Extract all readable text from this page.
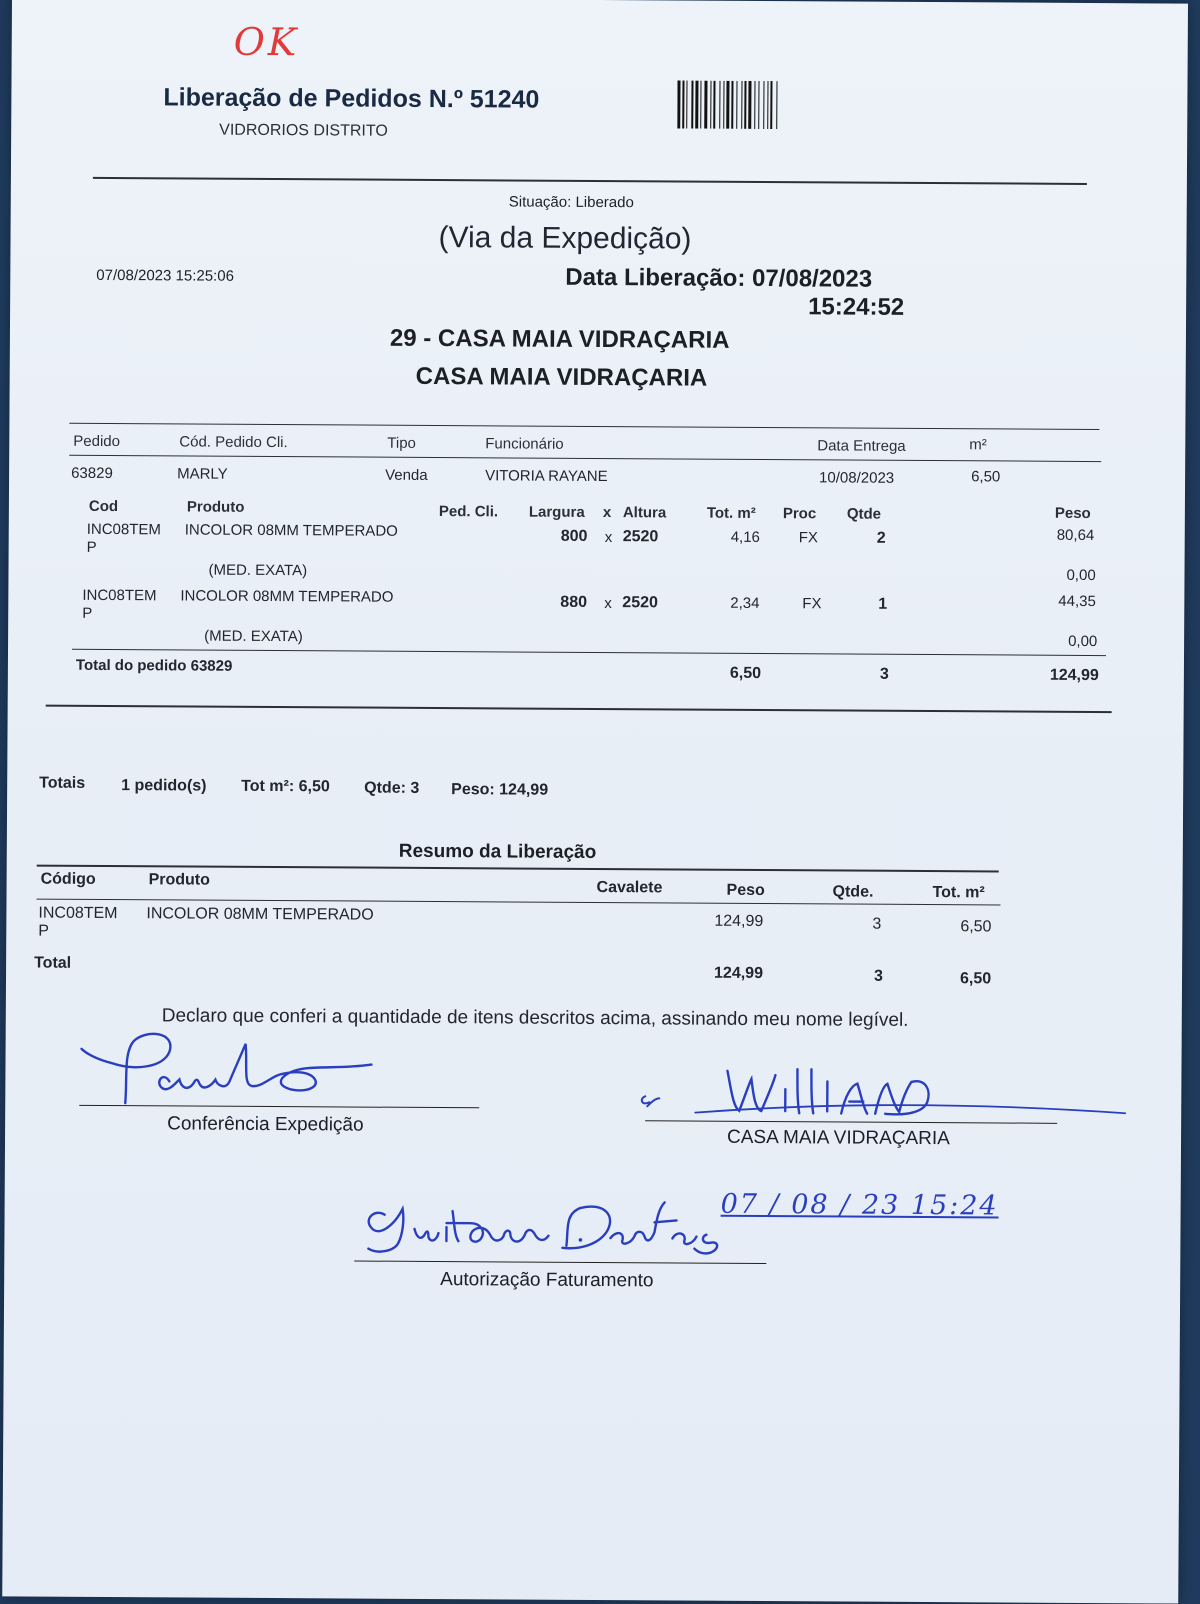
OK
Liberação de Pedidos N.º 51240
VIDRORIOS DISTRITO
Situação: Liberado
(Via da Expedição)
07/08/2023 15:25:06	Data Liberação: 07/08/2023
15:24:52
29 - CASA MAIA VIDRAÇARIA
CASA MAIA VIDRAÇARIA
Pedido	Cód. Pedido Cli.	Tipo	Funcionário	Data Entrega	m²
63829	MARLY	Venda	VITORIA RAYANE	10/08/2023	6,50
Cod	Produto	Ped. Cli. Largura x Altura	Tot. m² Proc Qtde	Peso
INC08TEM
P
INCOLOR 08MM TEMPERADO	800 x 2520	4,16	FX	2	80,64
(MED. EXATA)	0,00
INC08TEM
P
INCOLOR 08MM TEMPERADO	880 x 2520	2,34	FX	1	44,35
(MED. EXATA)	0,00
Total do pedido 63829	6,50	3	124,99
Totais 1 pedido(s) Tot m²: 6,50 Qtde: 3 Peso: 124,99
Resumo da Liberação
Código	Produto	Cavalete	Peso	Qtde.	Tot. m²
INC08TEM
P
INCOLOR 08MM TEMPERADO	124,99	3	6,50
Total
124,99	3	6,50
Declaro que conferi a quantidade de itens descritos acima, assinando meu nome legível.
Conferência Expedição
CASA MAIA VIDRAÇARIA
07 / 08 / 23 15:24
Autorização Faturamento
